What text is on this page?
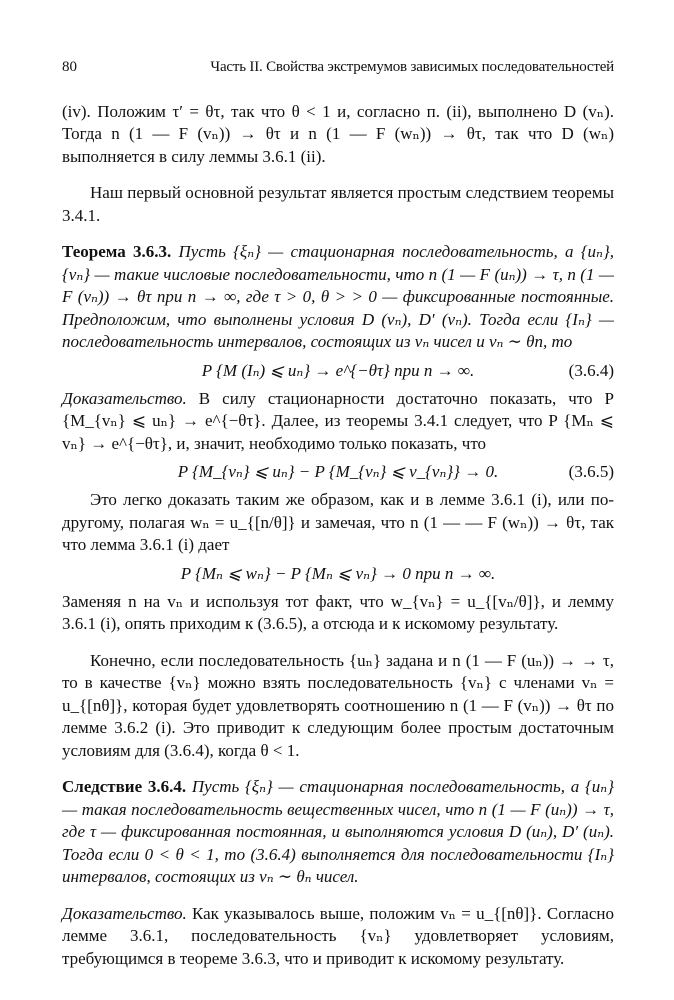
80	Часть II. Свойства экстремумов зависимых последовательностей

(iv). Положим τ′ = θτ, так что θ < 1 и, согласно п. (ii), выполнено D (vₙ). Тогда n (1 — F (vₙ)) → θτ и n (1 — F (wₙ)) → θτ, так что D (wₙ) выполняется в силу леммы 3.6.1 (ii).

Наш первый основной результат является простым следствием теоремы 3.4.1.

Теорема 3.6.3. Пусть {ξₙ} — стационарная последовательность, а {uₙ}, {vₙ} — такие числовые последовательности, что n (1 — F (uₙ)) → τ, n (1 — F (vₙ)) → θτ при n → ∞, где τ > 0, θ > > 0 — фиксированные постоянные. Предположим, что выполнены условия D (vₙ), D′ (vₙ). Тогда если {Iₙ} — последовательность интервалов, состоящих из vₙ чисел и vₙ ∼ θn, то

P {M (Iₙ) ⩽ uₙ} → e^{−θτ} при n → ∞.	(3.6.4)

Доказательство. В силу стационарности достаточно показать, что P {M_{vₙ} ⩽ uₙ} → e^{−θτ}. Далее, из теоремы 3.4.1 следует, что P {Mₙ ⩽ vₙ} → e^{−θτ}, и, значит, необходимо только показать, что

P {M_{vₙ} ⩽ uₙ} − P {M_{vₙ} ⩽ v_{vₙ}} → 0.	(3.6.5)

Это легко доказать таким же образом, как и в лемме 3.6.1 (i), или по-другому, полагая wₙ = u_{[n/θ]} и замечая, что n (1 — — F (wₙ)) → θτ, так что лемма 3.6.1 (i) дает

P {Mₙ ⩽ wₙ} − P {Mₙ ⩽ vₙ} → 0 при n → ∞.

Заменяя n на vₙ и используя тот факт, что w_{vₙ} = u_{[vₙ/θ]}, и лемму 3.6.1 (i), опять приходим к (3.6.5), а отсюда и к искомому результату.

Конечно, если последовательность {uₙ} задана и n (1 — F (uₙ)) → → τ, то в качестве {vₙ} можно взять последовательность {vₙ} с членами vₙ = u_{[nθ]}, которая будет удовлетворять соотношению n (1 — F (vₙ)) → θτ по лемме 3.6.2 (i). Это приводит к следующим более простым достаточным условиям для (3.6.4), когда θ < 1.

Следствие 3.6.4. Пусть {ξₙ} — стационарная последовательность, а {uₙ} — такая последовательность вещественных чисел, что n (1 — F (uₙ)) → τ, где τ — фиксированная постоянная, и выполняются условия D (uₙ), D′ (uₙ). Тогда если 0 < θ < 1, то (3.6.4) выполняется для последовательности {Iₙ} интервалов, состоящих из vₙ ∼ θₙ чисел.

Доказательство. Как указывалось выше, положим vₙ = u_{[nθ]}. Согласно лемме 3.6.1, последовательность {vₙ} удовлетворяет условиям, требующимся в теореме 3.6.3, что и приводит к искомому результату.
